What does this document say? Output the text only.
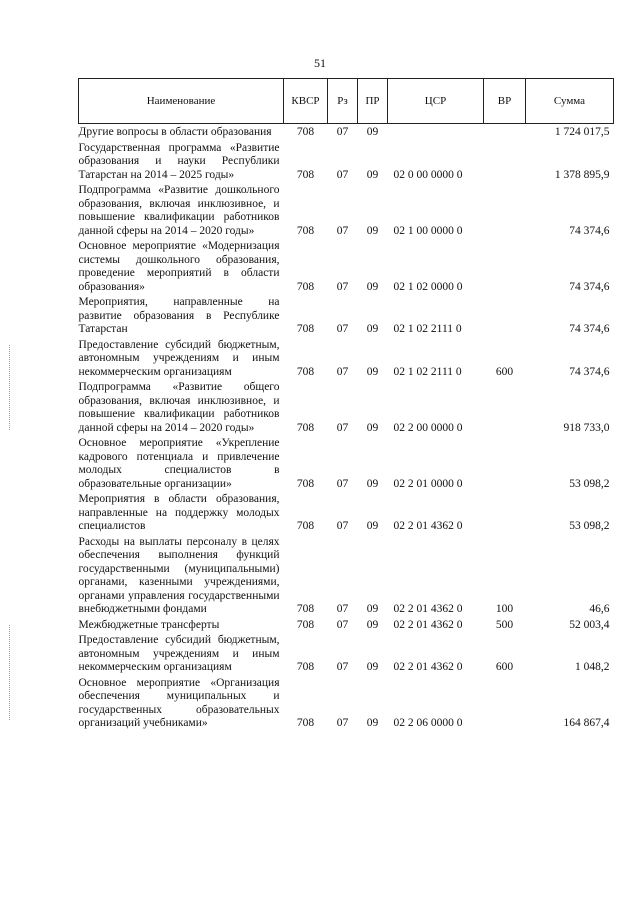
51
Наименование	КВСР	Рз	ПР	ЦСР	ВР	Сумма
Другие вопросы в области образования	708	07	09			1 724 017,5
Государственная программа «Развитие образования и науки Республики Татарстан на 2014 – 2025 годы»	708	07	09	02 0 00 0000 0		1 378 895,9
Подпрограмма «Развитие дошкольного образования, включая инклюзивное, и повышение квалификации работников данной сферы на 2014 – 2020 годы»	708	07	09	02 1 00 0000 0		74 374,6
Основное мероприятие «Модернизация системы дошкольного образования, проведение мероприятий в области образования»	708	07	09	02 1 02 0000 0		74 374,6
Мероприятия, направленные на развитие образования в Республике Татарстан	708	07	09	02 1 02 2111 0		74 374,6
Предоставление субсидий бюджетным, автономным учреждениям и иным некоммерческим организациям	708	07	09	02 1 02 2111 0	600	74 374,6
Подпрограмма «Развитие общего образования, включая инклюзивное, и повышение квалификации работников данной сферы на 2014 – 2020 годы»	708	07	09	02 2 00 0000 0		918 733,0
Основное мероприятие «Укрепление кадрового потенциала и привлечение молодых специалистов в образовательные организации»	708	07	09	02 2 01 0000 0		53 098,2
Мероприятия в области образования, направленные на поддержку молодых специалистов	708	07	09	02 2 01 4362 0		53 098,2
Расходы на выплаты персоналу в целях обеспечения выполнения функций государственными (муниципальными) органами, казенными учреждениями, органами управления государственными внебюджетными фондами	708	07	09	02 2 01 4362 0	100	46,6
Межбюджетные трансферты	708	07	09	02 2 01 4362 0	500	52 003,4
Предоставление субсидий бюджетным, автономным учреждениям и иным некоммерческим организациям	708	07	09	02 2 01 4362 0	600	1 048,2
Основное мероприятие «Организация обеспечения муниципальных и государственных образовательных организаций учебниками»	708	07	09	02 2 06 0000 0		164 867,4
